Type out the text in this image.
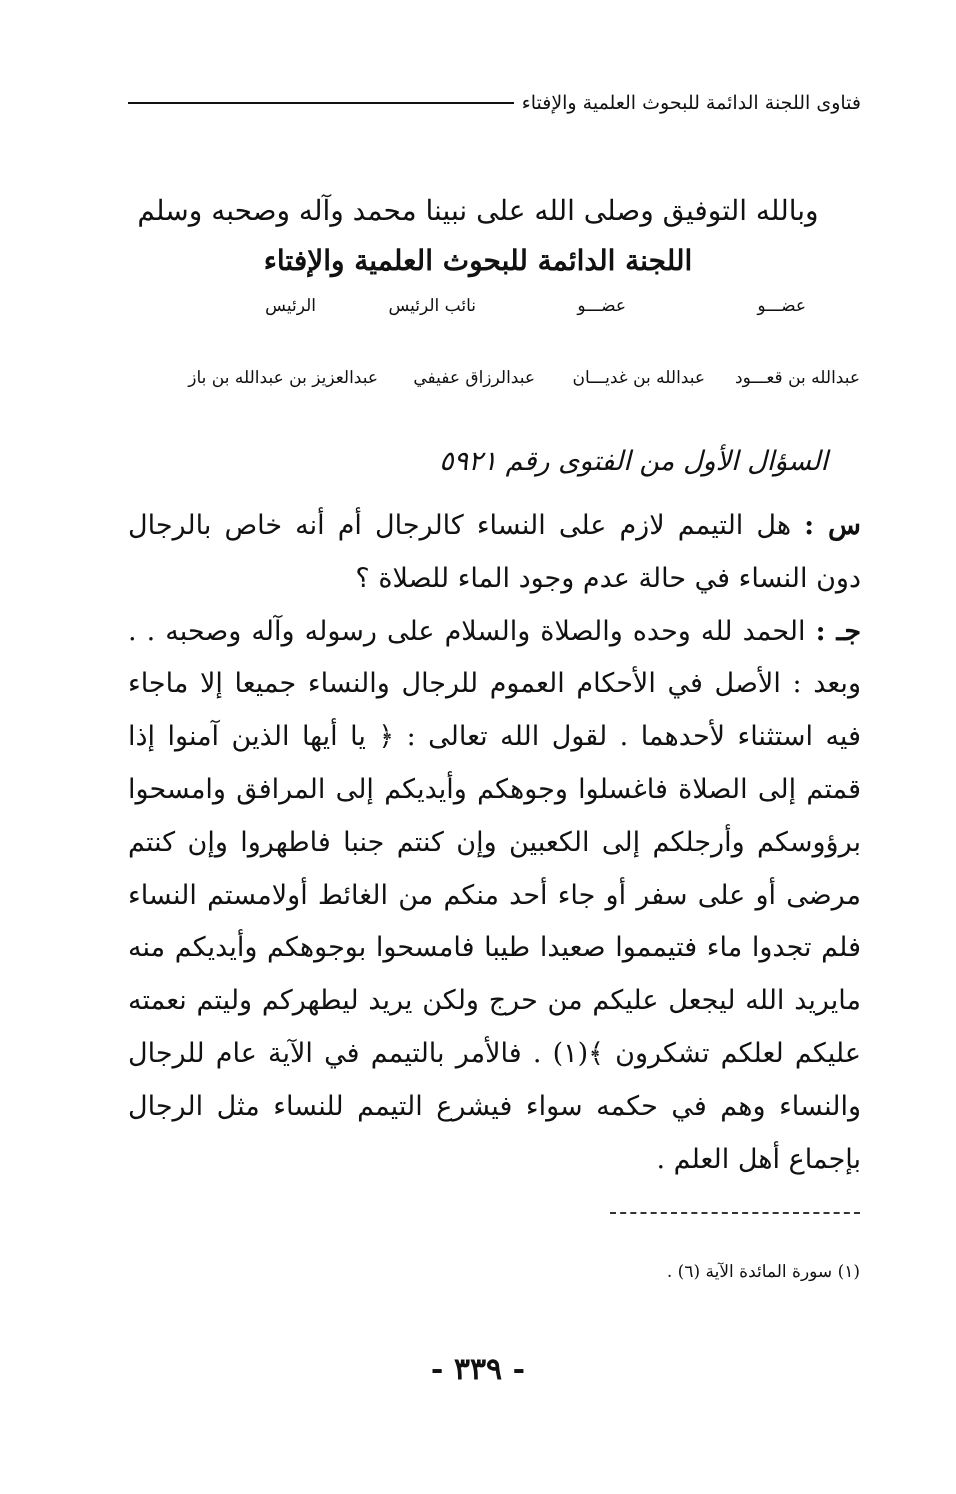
فتاوى اللجنة الدائمة للبحوث العلمية والإفتاء
وبالله التوفيق وصلى الله على نبينا محمد وآله وصحبه وسلم
اللجنة الدائمة للبحوث العلمية والإفتاء
عضـــو
عضـــو
نائب الرئيس
الرئيس
عبدالله بن قعـــود
عبدالله بن غديـــان
عبدالرزاق عفيفي
عبدالعزيز بن عبدالله بن باز
السؤال الأول من الفتوى رقم ٥٩٢١

س : هل التيمم لازم على النساء كالرجال أم أنه خاص بالرجال دون النساء في حالة عدم وجود الماء للصلاة ؟

جـ : الحمد لله وحده والصلاة والسلام على رسوله وآله وصحبه . . وبعد : الأصل في الأحكام العموم للرجال والنساء جميعا إلا ماجاء فيه استثناء لأحدهما . لقول الله تعالى : ﴿ يا أيها الذين آمنوا إذا قمتم إلى الصلاة فاغسلوا وجوهكم وأيديكم إلى المرافق وامسحوا برؤوسكم وأرجلكم إلى الكعبين وإن كنتم جنبا فاطهروا وإن كنتم مرضى أو على سفر أو جاء أحد منكم من الغائط أولامستم النساء فلم تجدوا ماء فتيمموا صعيدا طيبا فامسحوا بوجوهكم وأيديكم منه مايريد الله ليجعل عليكم من حرج ولكن يريد ليطهركم وليتم نعمته عليكم لعلكم تشكرون ﴾(١) . فالأمر بالتيمم في الآية عام للرجال والنساء وهم في حكمه سواء فيشرع التيمم للنساء مثل الرجال بإجماع أهل العلم .

(١) سورة المائدة الآية (٦) .
- ٣٣٩ -
